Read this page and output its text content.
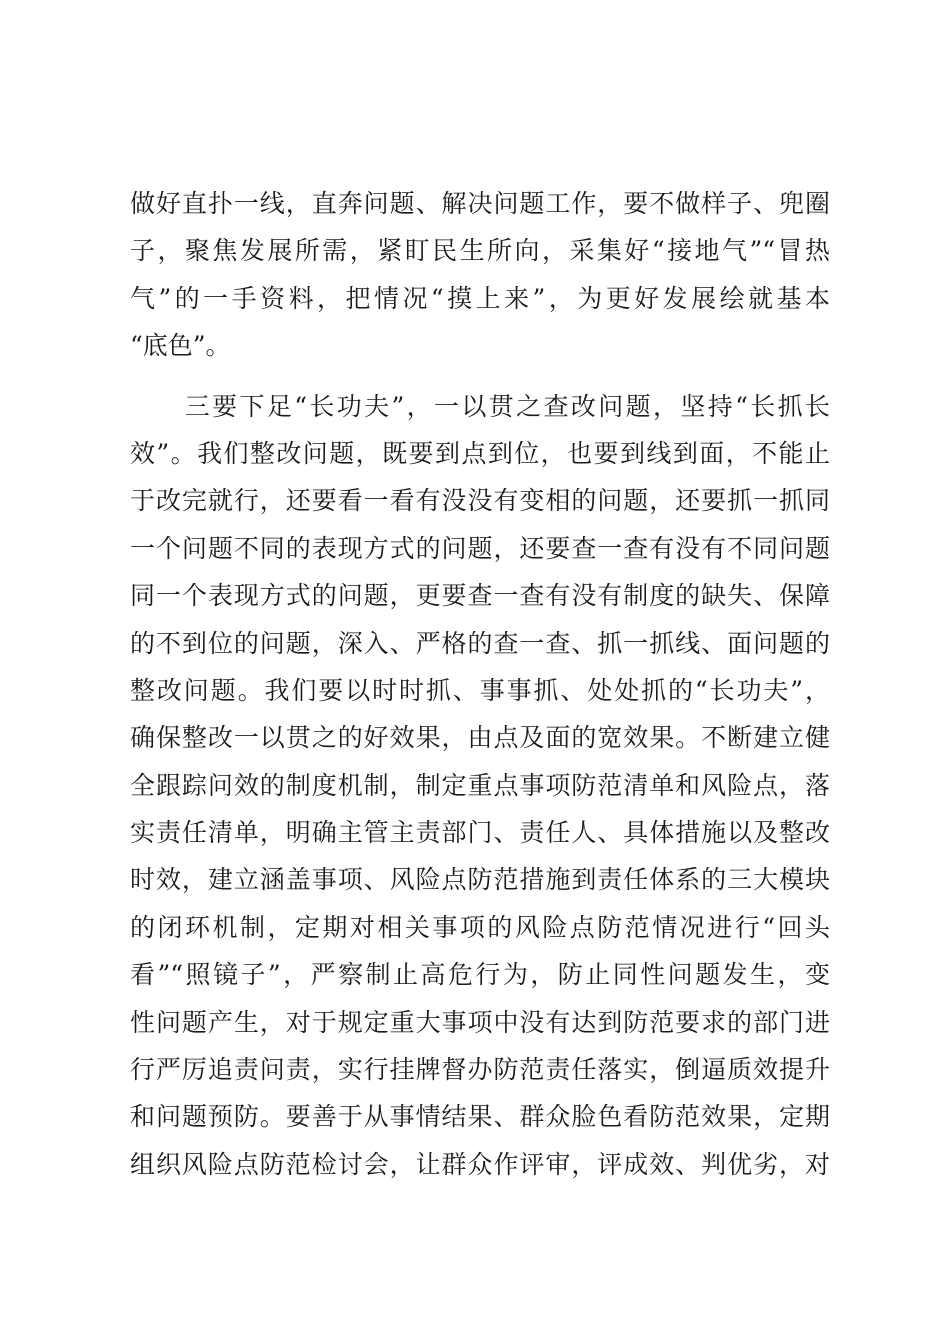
做好直扑一线，直奔问题、解决问题工作，要不做样子、兜圈
子，聚焦发展所需，紧盯民生所向，采集好“接地气”“冒热
气”的一手资料，把情况“摸上来”，为更好发展绘就基本
“底色”。
　　三要下足“长功夫”，一以贯之查改问题，坚持“长抓长
效”。我们整改问题，既要到点到位，也要到线到面，不能止
于改完就行，还要看一看有没没有变相的问题，还要抓一抓同
一个问题不同的表现方式的问题，还要查一查有没有不同问题
同一个表现方式的问题，更要查一查有没有制度的缺失、保障
的不到位的问题，深入、严格的查一查、抓一抓线、面问题的
整改问题。我们要以时时抓、事事抓、处处抓的“长功夫”，
确保整改一以贯之的好效果，由点及面的宽效果。不断建立健
全跟踪问效的制度机制，制定重点事项防范清单和风险点，落
实责任清单，明确主管主责部门、责任人、具体措施以及整改
时效，建立涵盖事项、风险点防范措施到责任体系的三大模块
的闭环机制，定期对相关事项的风险点防范情况进行“回头
看”“照镜子”，严察制止高危行为，防止同性问题发生，变
性问题产生，对于规定重大事项中没有达到防范要求的部门进
行严厉追责问责，实行挂牌督办防范责任落实，倒逼质效提升
和问题预防。要善于从事情结果、群众脸色看防范效果，定期
组织风险点防范检讨会，让群众作评审，评成效、判优劣，对
